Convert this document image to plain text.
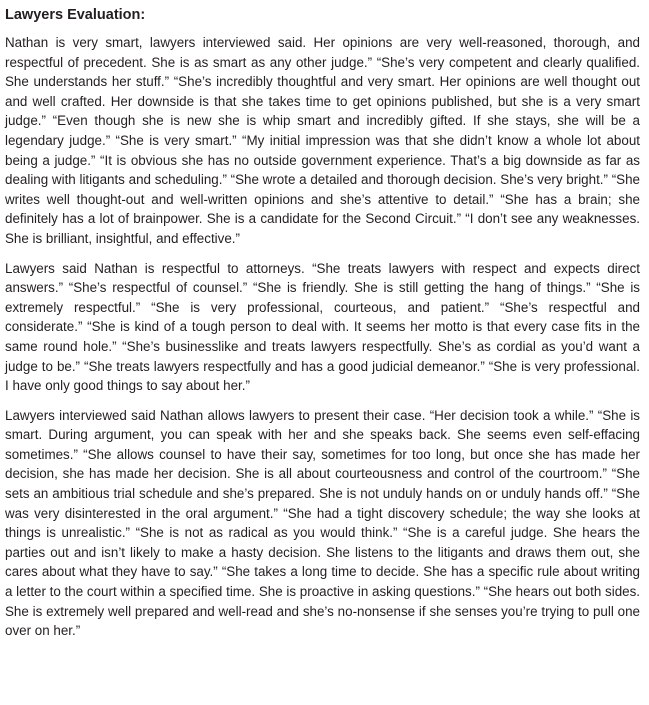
Lawyers Evaluation:

Nathan is very smart, lawyers interviewed said. Her opinions are very well-reasoned, thorough, and respectful of precedent. She is as smart as any other judge.” “She’s very competent and clearly qualified. She understands her stuff.” “She’s incredibly thoughtful and very smart. Her opinions are well thought out and well crafted. Her downside is that she takes time to get opinions published, but she is a very smart judge.” “Even though she is new she is whip smart and incredibly gifted. If she stays, she will be a legendary judge.” “She is very smart.” “My initial impression was that she didn’t know a whole lot about being a judge.” “It is obvious she has no outside government experience. That’s a big downside as far as dealing with litigants and scheduling.” “She wrote a detailed and thorough decision. She’s very bright.” “She writes well thought-out and well-written opinions and she’s attentive to detail.” “She has a brain; she definitely has a lot of brainpower. She is a candidate for the Second Circuit.” “I don’t see any weaknesses. She is brilliant, insightful, and effective.”

Lawyers said Nathan is respectful to attorneys. “She treats lawyers with respect and expects direct answers.” “She’s respectful of counsel.” “She is friendly. She is still getting the hang of things.” “She is extremely respectful.” “She is very professional, courteous, and patient.” “She’s respectful and considerate.” “She is kind of a tough person to deal with. It seems her motto is that every case fits in the same round hole.” “She’s businesslike and treats lawyers respectfully. She’s as cordial as you’d want a judge to be.” “She treats lawyers respectfully and has a good judicial demeanor.” “She is very professional. I have only good things to say about her.”

Lawyers interviewed said Nathan allows lawyers to present their case. “Her decision took a while.” “She is smart. During argument, you can speak with her and she speaks back. She seems even self-effacing sometimes.” “She allows counsel to have their say, sometimes for too long, but once she has made her decision, she has made her decision. She is all about courteousness and control of the courtroom.” “She sets an ambitious trial schedule and she’s prepared. She is not unduly hands on or unduly hands off.” “She was very disinterested in the oral argument.” “She had a tight discovery schedule; the way she looks at things is unrealistic.” “She is not as radical as you would think.” “She is a careful judge. She hears the parties out and isn’t likely to make a hasty decision. She listens to the litigants and draws them out, she cares about what they have to say.” “She takes a long time to decide. She has a specific rule about writing a letter to the court within a specified time. She is proactive in asking questions.” “She hears out both sides. She is extremely well prepared and well-read and she’s no-nonsense if she senses you’re trying to pull one over on her.”
